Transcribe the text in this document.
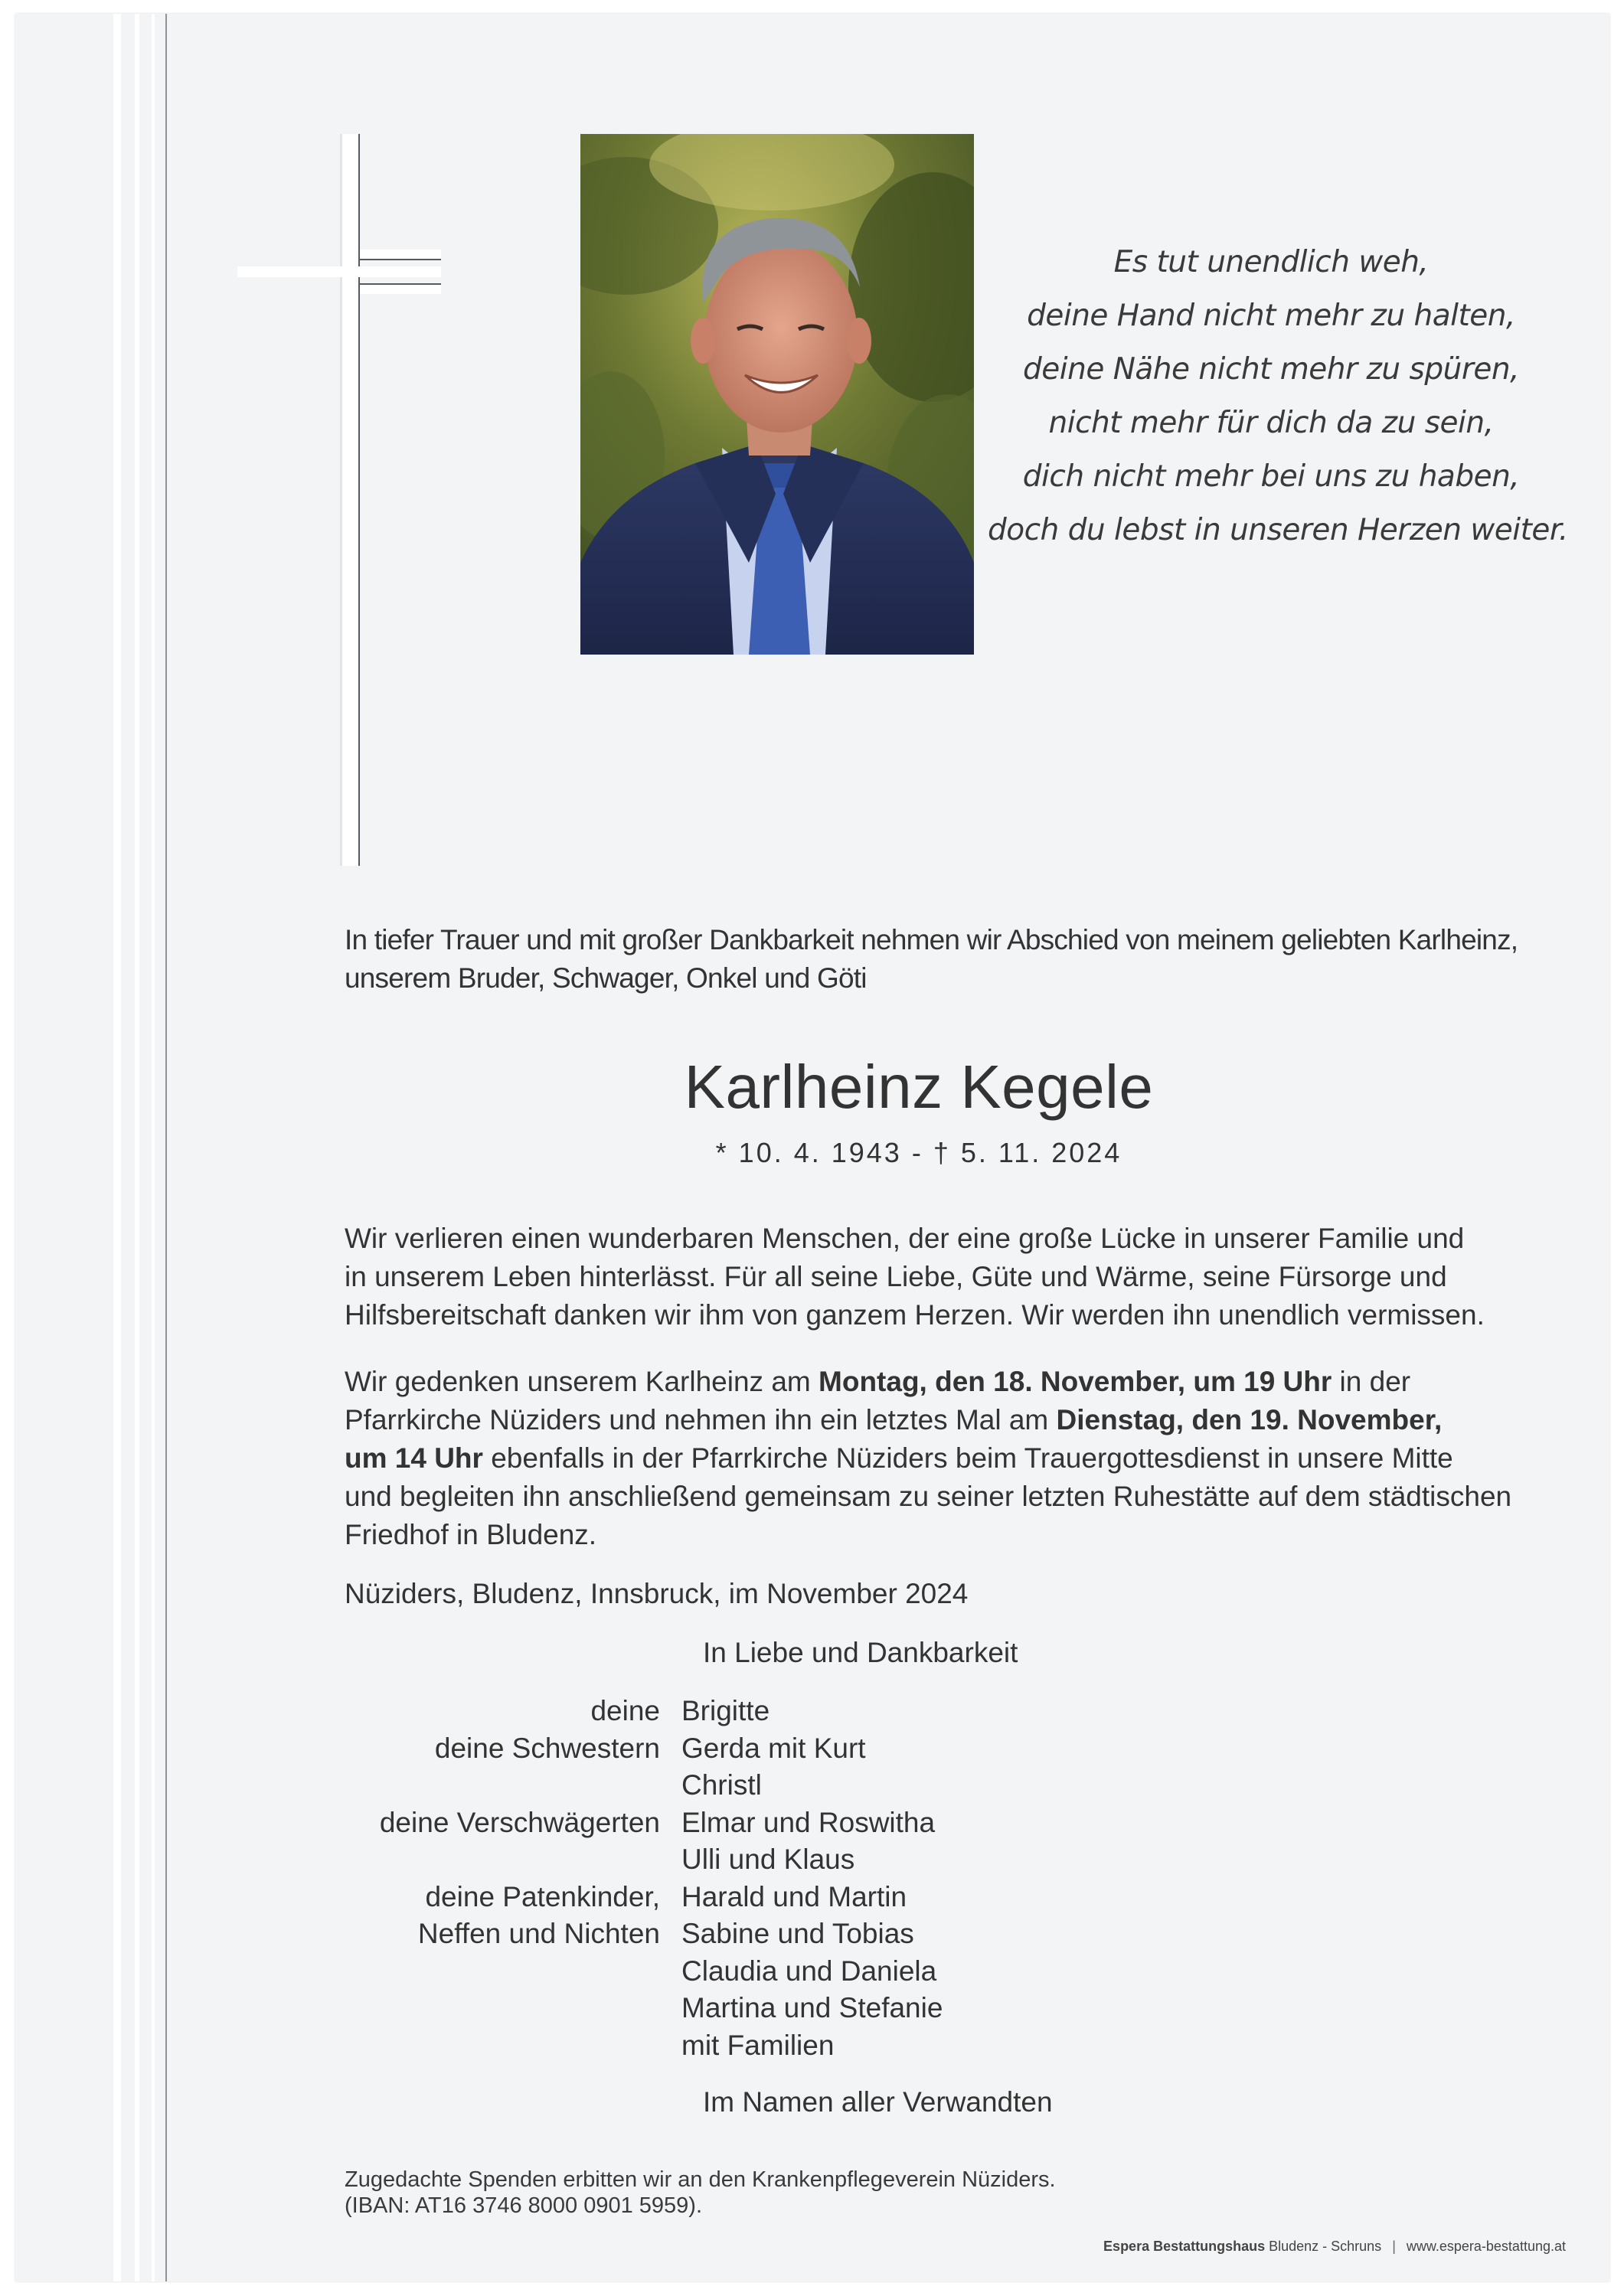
Es tut unendlich weh,
deine Hand nicht mehr zu halten,
deine Nähe nicht mehr zu spüren,
nicht mehr für dich da zu sein,
dich nicht mehr bei uns zu haben,
doch du lebst in unseren Herzen weiter.
In tiefer Trauer und mit großer Dankbarkeit nehmen wir Abschied von meinem geliebten Karlheinz,
unserem Bruder, Schwager, Onkel und Göti
Karlheinz Kegele
* 10. 4. 1943 - † 5. 11. 2024
Wir verlieren einen wunderbaren Menschen, der eine große Lücke in unserer Familie und
in unserem Leben hinterlässt. Für all seine Liebe, Güte und Wärme, seine Fürsorge und
Hilfsbereitschaft danken wir ihm von ganzem Herzen. Wir werden ihn unendlich vermissen.
Wir gedenken unserem Karlheinz am Montag, den 18. November, um 19 Uhr in der
Pfarrkirche Nüziders und nehmen ihn ein letztes Mal am Dienstag, den 19. November,
um 14 Uhr ebenfalls in der Pfarrkirche Nüziders beim Trauergottesdienst in unsere Mitte
und begleiten ihn anschließend gemeinsam zu seiner letzten Ruhestätte auf dem städtischen
Friedhof in Bludenz.
Nüziders, Bludenz, Innsbruck, im November 2024
In Liebe und Dankbarkeit
deine Brigitte
deine Schwestern Gerda mit Kurt
Christl
deine Verschwägerten Elmar und Roswitha
Ulli und Klaus
deine Patenkinder, Harald und Martin
Neffen und Nichten Sabine und Tobias
Claudia und Daniela
Martina und Stefanie
mit Familien
Im Namen aller Verwandten
Zugedachte Spenden erbitten wir an den Krankenpflegeverein Nüziders.
(IBAN: AT16 3746 8000 0901 5959).
Espera Bestattungshaus Bludenz - Schruns | www.espera-bestattung.at
